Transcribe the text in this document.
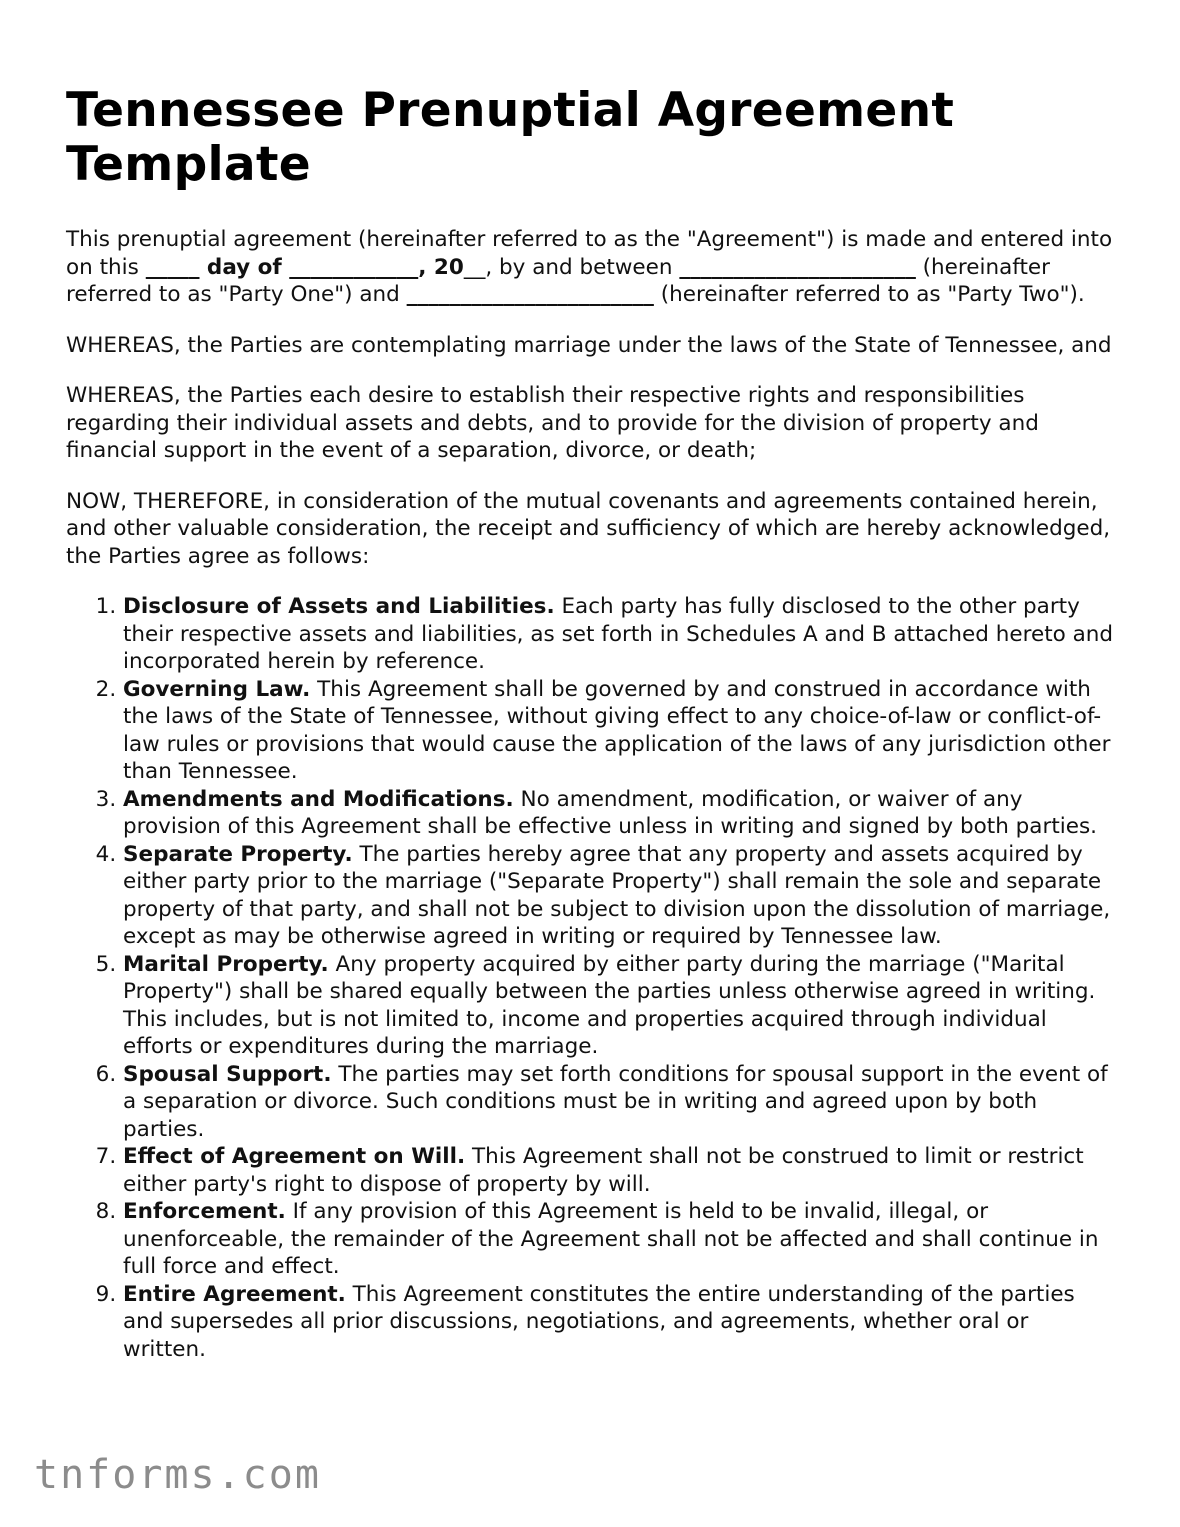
Tennessee Prenuptial Agreement Template

This prenuptial agreement (hereinafter referred to as the "Agreement") is made and entered into on this _____ day of ____________, 20__, by and between ______________________ (hereinafter referred to as "Party One") and _______________________ (hereinafter referred to as "Party Two").

WHEREAS, the Parties are contemplating marriage under the laws of the State of Tennessee, and

WHEREAS, the Parties each desire to establish their respective rights and responsibilities regarding their individual assets and debts, and to provide for the division of property and financial support in the event of a separation, divorce, or death;

NOW, THEREFORE, in consideration of the mutual covenants and agreements contained herein, and other valuable consideration, the receipt and sufficiency of which are hereby acknowledged, the Parties agree as follows:

1. Disclosure of Assets and Liabilities. Each party has fully disclosed to the other party their respective assets and liabilities, as set forth in Schedules A and B attached hereto and incorporated herein by reference.
2. Governing Law. This Agreement shall be governed by and construed in accordance with the laws of the State of Tennessee, without giving effect to any choice-of-law or conflict-of-law rules or provisions that would cause the application of the laws of any jurisdiction other than Tennessee.
3. Amendments and Modifications. No amendment, modification, or waiver of any provision of this Agreement shall be effective unless in writing and signed by both parties.
4. Separate Property. The parties hereby agree that any property and assets acquired by either party prior to the marriage ("Separate Property") shall remain the sole and separate property of that party, and shall not be subject to division upon the dissolution of marriage, except as may be otherwise agreed in writing or required by Tennessee law.
5. Marital Property. Any property acquired by either party during the marriage ("Marital Property") shall be shared equally between the parties unless otherwise agreed in writing. This includes, but is not limited to, income and properties acquired through individual efforts or expenditures during the marriage.
6. Spousal Support. The parties may set forth conditions for spousal support in the event of a separation or divorce. Such conditions must be in writing and agreed upon by both parties.
7. Effect of Agreement on Will. This Agreement shall not be construed to limit or restrict either party's right to dispose of property by will.
8. Enforcement. If any provision of this Agreement is held to be invalid, illegal, or unenforceable, the remainder of the Agreement shall not be affected and shall continue in full force and effect.
9. Entire Agreement. This Agreement constitutes the entire understanding of the parties and supersedes all prior discussions, negotiations, and agreements, whether oral or written.
tnforms.com
